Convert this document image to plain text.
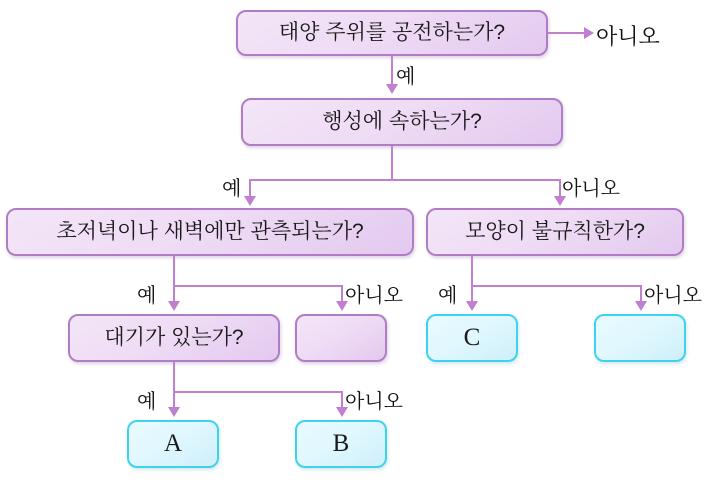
태양 주위를 공전하는가?	아니오
예
행성에 속하는가?
예	아니오
초저녁이나 새벽에만 관측되는가?	모양이 불규칙한가?
예	아니오 예	아니오
대기가 있는가?	C
예	아니오
A	B
